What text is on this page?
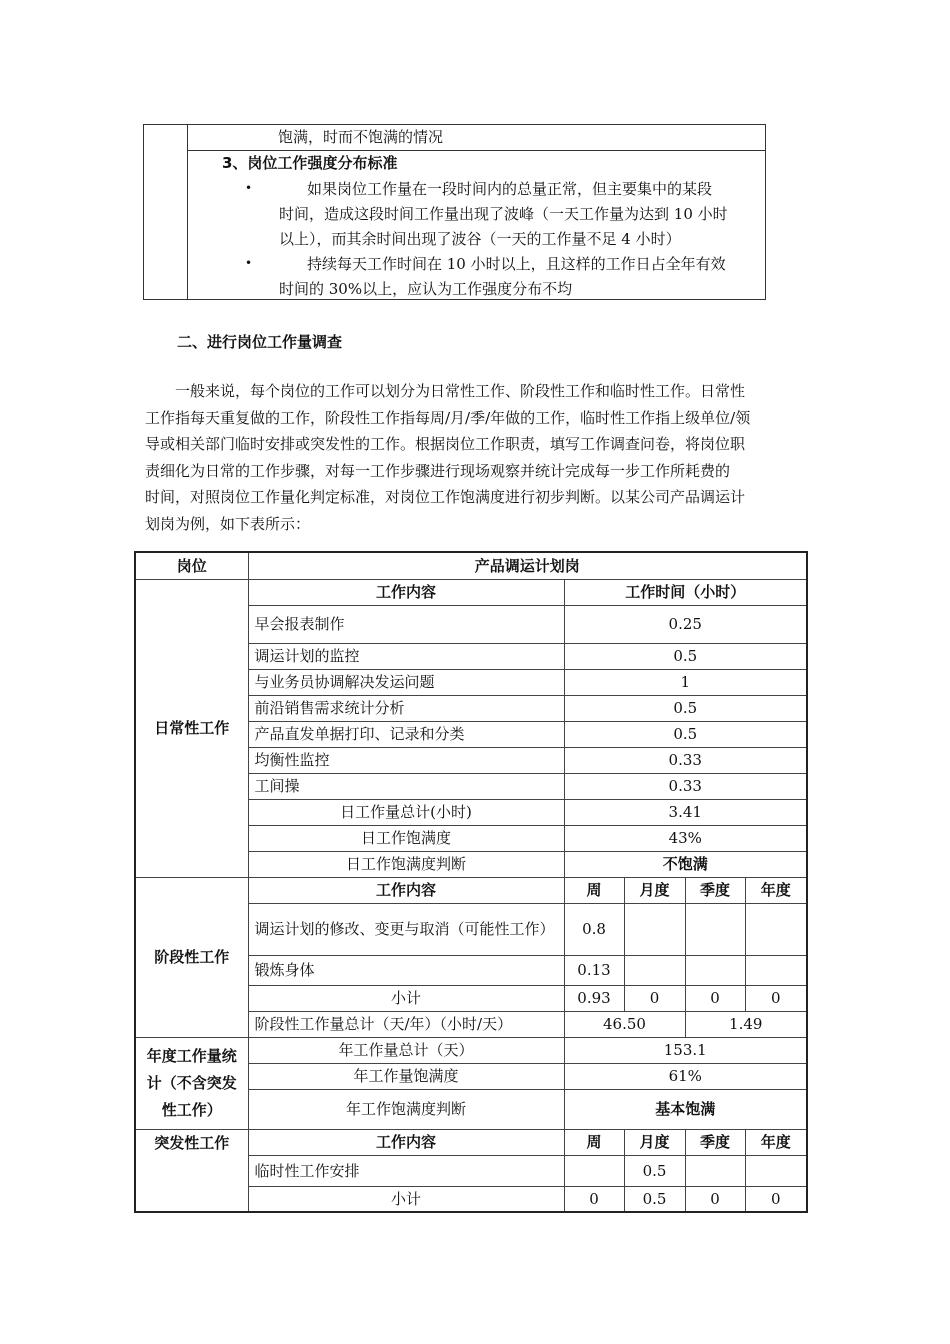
饱满，时而不饱满的情况
3、岗位工作强度分布标准
•	如果岗位工作量在一段时间内的总量正常，但主要集中的某段
时间，造成这段时间工作量出现了波峰（一天工作量为达到 10 小时
以上），而其余时间出现了波谷（一天的工作量不足 4 小时）
•	持续每天工作时间在 10 小时以上，且这样的工作日占全年有效
时间的 30%以上，应认为工作强度分布不均
二、进行岗位工作量调查
　　一般来说，每个岗位的工作可以划分为日常性工作、阶段性工作和临时性工作。日常性
工作指每天重复做的工作，阶段性工作指每周/月/季/年做的工作，临时性工作指上级单位/领
导或相关部门临时安排或突发性的工作。根据岗位工作职责，填写工作调查问卷，将岗位职
责细化为日常的工作步骤，对每一工作步骤进行现场观察并统计完成每一步工作所耗费的
时间，对照岗位工作量化判定标准，对岗位工作饱满度进行初步判断。以某公司产品调运计
划岗为例，如下表所示：
岗位	产品调运计划岗				
日常性工作	工作内容	工作时间（小时）			
	早会报表制作	0.25			
	调运计划的监控	0.5			
	与业务员协调解决发运问题	1			
	前沿销售需求统计分析	0.5			
	产品直发单据打印、记录和分类	0.5			
	均衡性监控	0.33			
	工间操	0.33			
	日工作量总计(小时)	3.41			
	日工作饱满度	43%			
	日工作饱满度判断	不饱满			
阶段性工作	工作内容	周	月度	季度	年度
	调运计划的修改、变更与取消（可能性工作）	0.8			
	锻炼身体	0.13			
	小计	0.93	0	0	0
	阶段性工作量总计（天/年）（小时/天）	46.50		1.49	
年度工作量统计（不含突发性工作）	年工作量总计（天）	153.1			
	年工作量饱满度	61%			
	年工作饱满度判断	基本饱满			
突发性工作	工作内容	周	月度	季度	年度
	临时性工作安排		0.5		
	小计	0	0.5	0	0
